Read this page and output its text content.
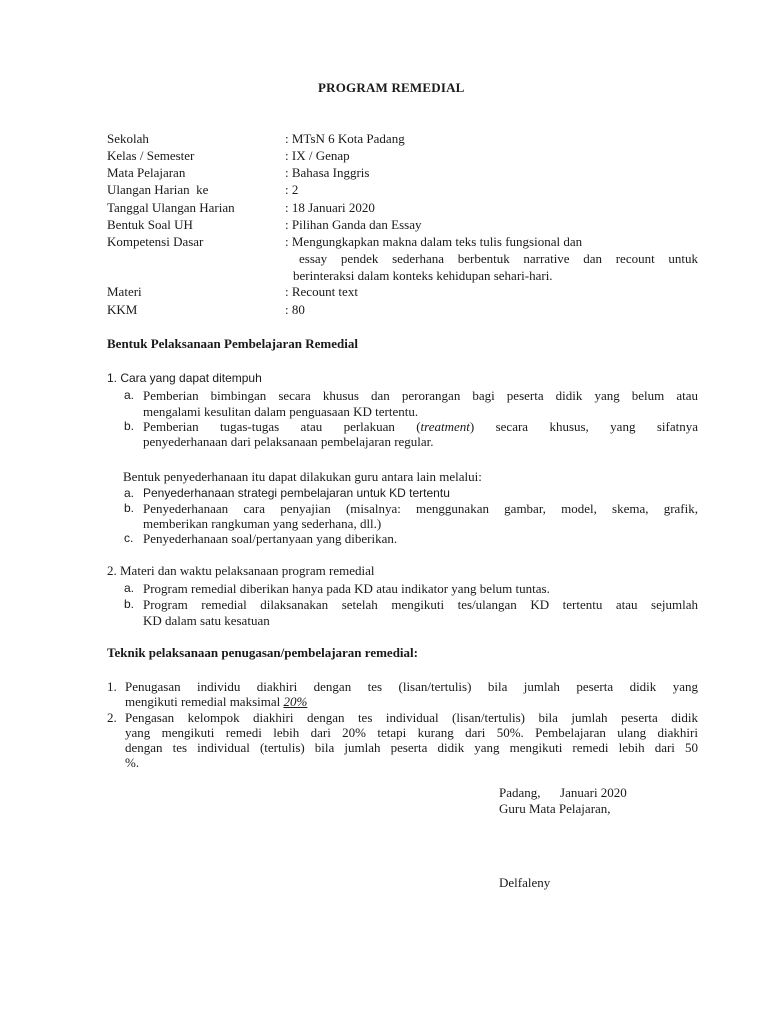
PROGRAM REMEDIAL
Sekolah	: MTsN 6 Kota Padang
Kelas / Semester	: IX / Genap
Mata Pelajaran	: Bahasa Inggris
Ulangan Harian  ke	: 2
Tanggal Ulangan Harian	: 18 Januari 2020
Bentuk Soal UH	: Pilihan Ganda dan Essay
Kompetensi Dasar	: Mengungkapkan makna dalam teks tulis fungsional dan
essay pendek sederhana berbentuk narrative dan recount untuk
berinteraksi dalam konteks kehidupan sehari-hari.
Materi	: Recount text
KKM	: 80
Bentuk Pelaksanaan Pembelajaran Remedial
1. Cara yang dapat ditempuh
a. Pemberian bimbingan secara khusus dan perorangan bagi peserta didik yang belum atau
mengalami kesulitan dalam penguasaan KD tertentu.
b. Pemberian tugas-tugas atau perlakuan (treatment) secara khusus, yang sifatnya
penyederhanaan dari pelaksanaan pembelajaran regular.
Bentuk penyederhanaan itu dapat dilakukan guru antara lain melalui:
a. Penyederhanaan strategi pembelajaran untuk KD tertentu
b. Penyederhanaan cara penyajian (misalnya: menggunakan gambar, model, skema, grafik,
memberikan rangkuman yang sederhana, dll.)
c. Penyederhanaan soal/pertanyaan yang diberikan.
2. Materi dan waktu pelaksanaan program remedial
a. Program remedial diberikan hanya pada KD atau indikator yang belum tuntas.
b. Program remedial dilaksanakan setelah mengikuti tes/ulangan KD tertentu atau sejumlah
KD dalam satu kesatuan
Teknik pelaksanaan penugasan/pembelajaran remedial:
1. Penugasan individu diakhiri dengan tes (lisan/tertulis) bila jumlah peserta didik yang
mengikuti remedial maksimal 20%
2. Pengasan kelompok diakhiri dengan tes individual (lisan/tertulis) bila jumlah peserta didik
yang mengikuti remedi lebih dari 20% tetapi kurang dari 50%. Pembelajaran ulang diakhiri
dengan tes individual (tertulis) bila jumlah peserta didik yang mengikuti remedi lebih dari 50
%.
Padang,      Januari 2020
Guru Mata Pelajaran,
Delfaleny
